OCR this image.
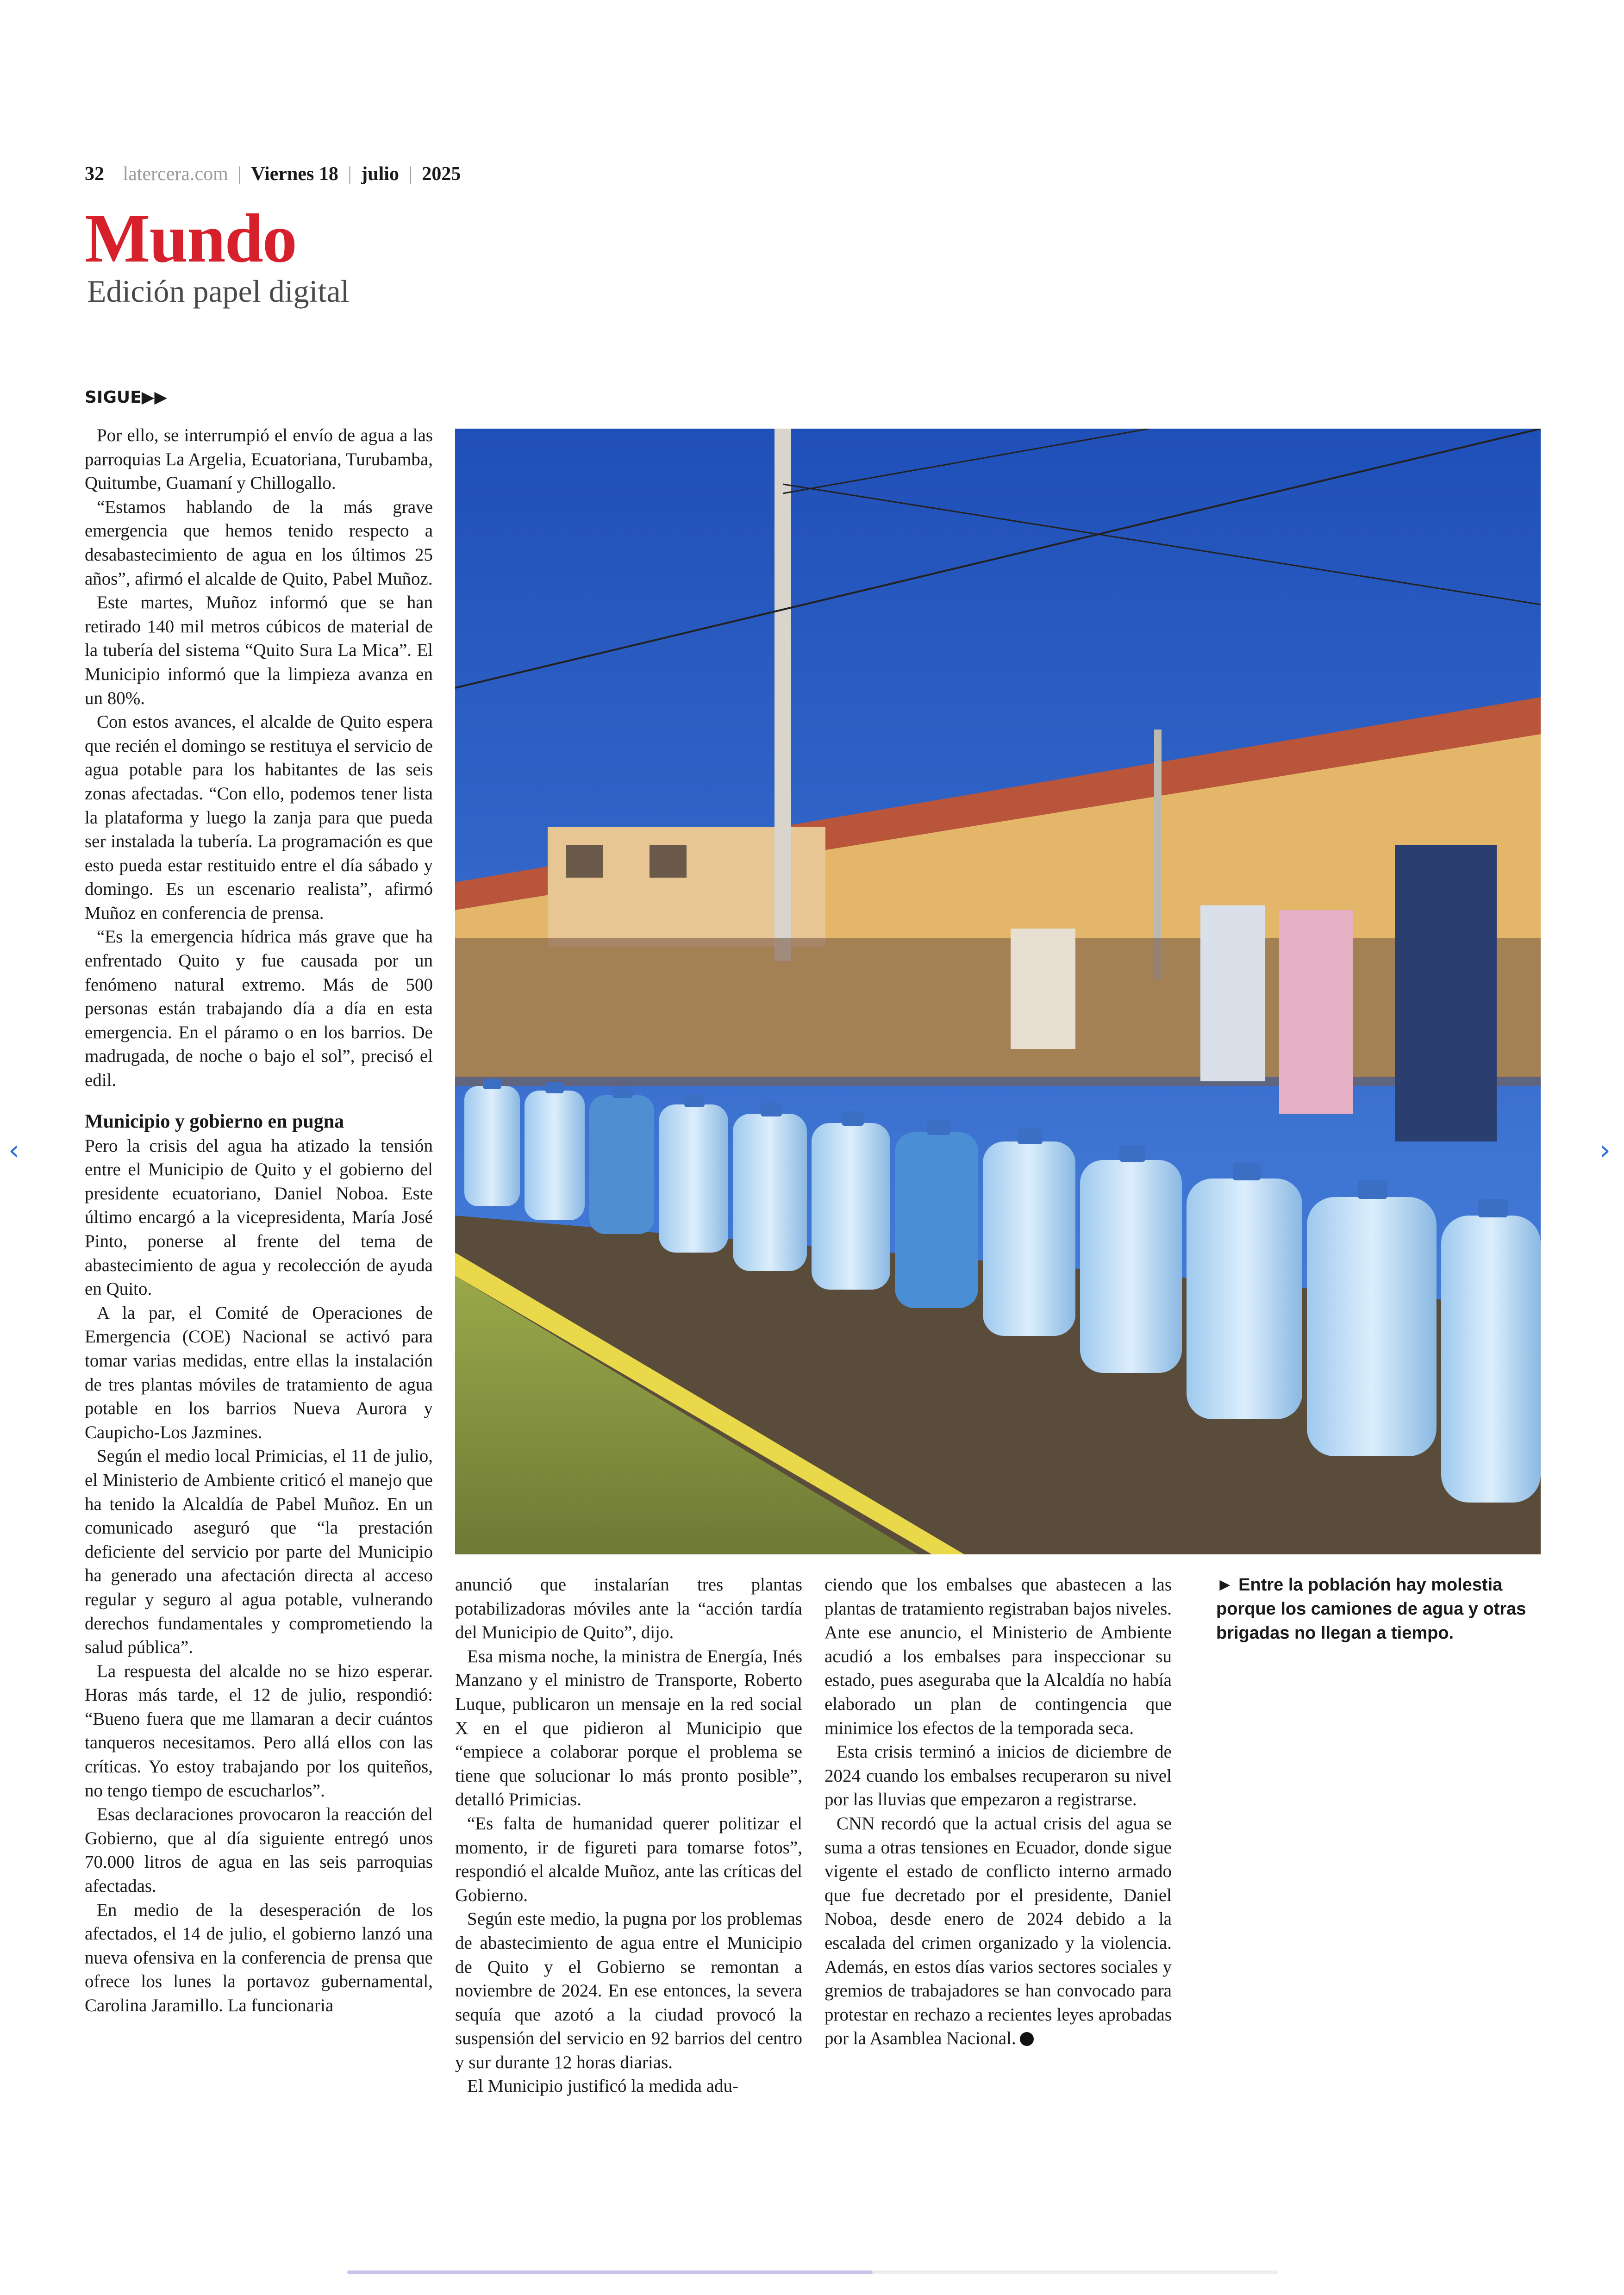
32 latercera.com | Viernes 18 | julio | 2025
Mundo
Edición papel digital
SIGUE▶▶

Por ello, se interrumpió el envío de agua a las parroquias La Argelia, Ecuatoriana, Turubamba, Quitumbe, Guamaní y Chillogallo.

“Estamos hablando de la más grave emergencia que hemos tenido respecto a desabastecimiento de agua en los últimos 25 años”, afirmó el alcalde de Quito, Pabel Muñoz.

Este martes, Muñoz informó que se han retirado 140 mil metros cúbicos de material de la tubería del sistema “Quito Sura La Mica”. El Municipio informó que la limpieza avanza en un 80%.

Con estos avances, el alcalde de Quito espera que recién el domingo se restituya el servicio de agua potable para los habitantes de las seis zonas afectadas. “Con ello, podemos tener lista la plataforma y luego la zanja para que pueda ser instalada la tubería. La programación es que esto pueda estar restituido entre el día sábado y domingo. Es un escenario realista”, afirmó Muñoz en conferencia de prensa.

“Es la emergencia hídrica más grave que ha enfrentado Quito y fue causada por un fenómeno natural extremo. Más de 500 personas están trabajando día a día en esta emergencia. En el páramo o en los barrios. De madrugada, de noche o bajo el sol”, precisó el edil.

Municipio y gobierno en pugna

Pero la crisis del agua ha atizado la tensión entre el Municipio de Quito y el gobierno del presidente ecuatoriano, Daniel Noboa. Este último encargó a la vicepresidenta, María José Pinto, ponerse al frente del tema de abastecimiento de agua y recolección de ayuda en Quito.

A la par, el Comité de Operaciones de Emergencia (COE) Nacional se activó para tomar varias medidas, entre ellas la instalación de tres plantas móviles de tratamiento de agua potable en los barrios Nueva Aurora y Caupicho-Los Jazmines.

Según el medio local Primicias, el 11 de julio, el Ministerio de Ambiente criticó el manejo que ha tenido la Alcaldía de Pabel Muñoz. En un comunicado aseguró que “la prestación deficiente del servicio por parte del Municipio ha generado una afectación directa al acceso regular y seguro al agua potable, vulnerando derechos fundamentales y comprometiendo la salud pública”.

La respuesta del alcalde no se hizo esperar. Horas más tarde, el 12 de julio, respondió: “Bueno fuera que me llamaran a decir cuántos tanqueros necesitamos. Pero allá ellos con las críticas. Yo estoy trabajando por los quiteños, no tengo tiempo de escucharlos”.

Esas declaraciones provocaron la reacción del Gobierno, que al día siguiente entregó unos 70.000 litros de agua en las seis parroquias afectadas.

En medio de la desesperación de los afectados, el 14 de julio, el gobierno lanzó una nueva ofensiva en la conferencia de prensa que ofrece los lunes la portavoz gubernamental, Carolina Jaramillo. La funcionaria

anunció que instalarían tres plantas potabilizadoras móviles ante la “acción tardía del Municipio de Quito”, dijo.

Esa misma noche, la ministra de Energía, Inés Manzano y el ministro de Transporte, Roberto Luque, publicaron un mensaje en la red social X en el que pidieron al Municipio que “empiece a colaborar porque el problema se tiene que solucionar lo más pronto posible”, detalló Primicias.

“Es falta de humanidad querer politizar el momento, ir de figureti para tomarse fotos”, respondió el alcalde Muñoz, ante las críticas del Gobierno.

Según este medio, la pugna por los problemas de abastecimiento de agua entre el Municipio de Quito y el Gobierno se remontan a noviembre de 2024. En ese entonces, la severa sequía que azotó a la ciudad provocó la suspensión del servicio en 92 barrios del centro y sur durante 12 horas diarias.

El Municipio justificó la medida adu-

ciendo que los embalses que abastecen a las plantas de tratamiento registraban bajos niveles. Ante ese anuncio, el Ministerio de Ambiente acudió a los embalses para inspeccionar su estado, pues aseguraba que la Alcaldía no había elaborado un plan de contingencia que minimice los efectos de la temporada seca.

Esta crisis terminó a inicios de diciembre de 2024 cuando los embalses recuperaron su nivel por las lluvias que empezaron a registrarse.

CNN recordó que la actual crisis del agua se suma a otras tensiones en Ecuador, donde sigue vigente el estado de conflicto interno armado que fue decretado por el presidente, Daniel Noboa, desde enero de 2024 debido a la escalada del crimen organizado y la violencia. Además, en estos días varios sectores sociales y gremios de trabajadores se han convocado para protestar en rechazo a recientes leyes aprobadas por la Asamblea Nacional.

► Entre la población hay molestia porque los camiones de agua y otras brigadas no llegan a tiempo.
‹	›
